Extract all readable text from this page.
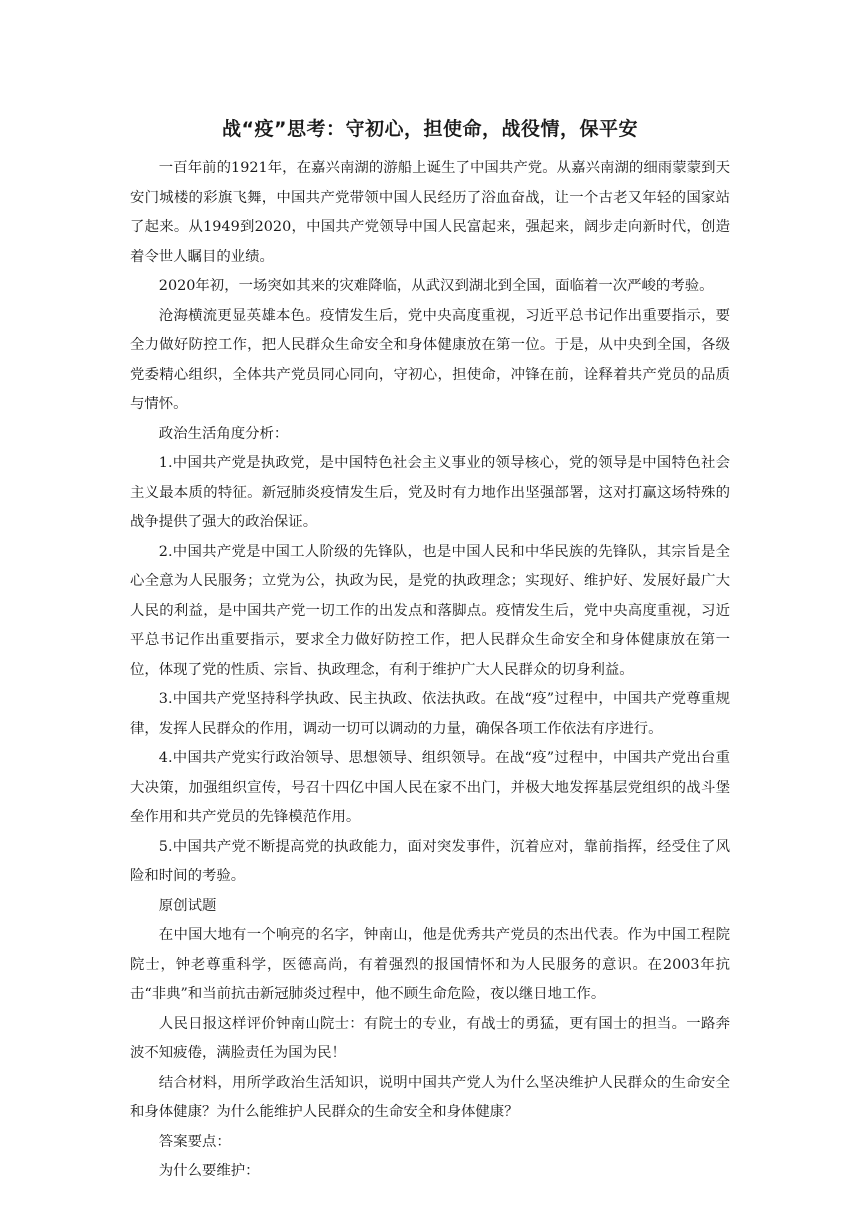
战“疫”思考：守初心，担使命，战役情，保平安

一百年前的1921年，在嘉兴南湖的游船上诞生了中国共产党。从嘉兴南湖的细雨蒙蒙到天安门城楼的彩旗飞舞，中国共产党带领中国人民经历了浴血奋战，让一个古老又年轻的国家站了起来。从1949到2020，中国共产党领导中国人民富起来，强起来，阔步走向新时代，创造着令世人瞩目的业绩。

2020年初，一场突如其来的灾难降临，从武汉到湖北到全国，面临着一次严峻的考验。

沧海横流更显英雄本色。疫情发生后，党中央高度重视，习近平总书记作出重要指示，要全力做好防控工作，把人民群众生命安全和身体健康放在第一位。于是，从中央到全国，各级党委精心组织，全体共产党员同心同向，守初心，担使命，冲锋在前，诠释着共产党员的品质与情怀。

政治生活角度分析：

1.中国共产党是执政党，是中国特色社会主义事业的领导核心，党的领导是中国特色社会主义最本质的特征。新冠肺炎疫情发生后，党及时有力地作出坚强部署，这对打赢这场特殊的战争提供了强大的政治保证。

2.中国共产党是中国工人阶级的先锋队，也是中国人民和中华民族的先锋队，其宗旨是全心全意为人民服务；立党为公，执政为民，是党的执政理念；实现好、维护好、发展好最广大人民的利益，是中国共产党一切工作的出发点和落脚点。疫情发生后，党中央高度重视，习近平总书记作出重要指示，要求全力做好防控工作，把人民群众生命安全和身体健康放在第一位，体现了党的性质、宗旨、执政理念，有利于维护广大人民群众的切身利益。

3.中国共产党坚持科学执政、民主执政、依法执政。在战“疫”过程中，中国共产党尊重规律，发挥人民群众的作用，调动一切可以调动的力量，确保各项工作依法有序进行。

4.中国共产党实行政治领导、思想领导、组织领导。在战“疫”过程中，中国共产党出台重大决策，加强组织宣传，号召十四亿中国人民在家不出门，并极大地发挥基层党组织的战斗堡垒作用和共产党员的先锋模范作用。

5.中国共产党不断提高党的执政能力，面对突发事件，沉着应对，靠前指挥，经受住了风险和时间的考验。

原创试题

在中国大地有一个响亮的名字，钟南山，他是优秀共产党员的杰出代表。作为中国工程院院士，钟老尊重科学，医德高尚，有着强烈的报国情怀和为人民服务的意识。在2003年抗击“非典”和当前抗击新冠肺炎过程中，他不顾生命危险，夜以继日地工作。

人民日报这样评价钟南山院士：有院士的专业，有战士的勇猛，更有国士的担当。一路奔波不知疲倦，满脸责任为国为民！

结合材料，用所学政治生活知识，说明中国共产党人为什么坚决维护人民群众的生命安全和身体健康？为什么能维护人民群众的生命安全和身体健康？

答案要点：

为什么要维护：
